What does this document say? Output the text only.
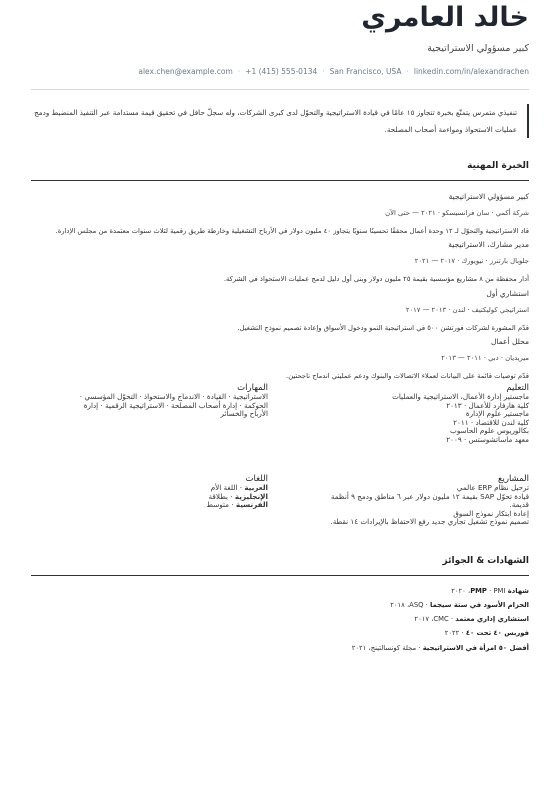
خالد العامري
كبير مسؤولي الاستراتيجية
alex.chen@example.com · +1 (415) 555-0134 · San Francisco, USA · linkedin.com/in/alexandrachen
تنفيذي متمرس يتمتّع بخبرة تتجاوز ١٥ عامًا في قيادة الاستراتيجية والتحوّل لدى كبرى الشركات، وله سجلّ حافل في تحقيق قيمة مستدامة عبر التنفيذ المنضبط ودمج عمليات الاستحواذ ومواءمة أصحاب المصلحة.
الخبرة المهنية
كبير مسؤولي الاستراتيجية
شركة أكمي · سان فرانسيسكو · ٢٠٢١ — حتى الآن
قاد الاستراتيجية والتحوّل لـ ١٢ وحدة أعمال محققًا تحسينًا سنويًا يتجاوز ٤٠ مليون دولار في الأرباح التشغيلية وخارطة طريق رقمية لثلاث سنوات معتمدة من مجلس الإدارة.
مدير مشارك، الاستراتيجية
جلوبال بارتنرز · نيويورك · ٢٠١٧ — ٢٠٢١
أدار محفظة من ٨ مشاريع مؤسسية بقيمة ٢٥ مليون دولار وبنى أول دليل لدمج عمليات الاستحواذ في الشركة.
استشاري أول
استراتيجي كوليكتيف · لندن · ٢٠١٣ — ٢٠١٧
قدّم المشورة لشركات فورتشن ٥٠٠ في استراتيجية النمو ودخول الأسواق وإعادة تصميم نموذج التشغيل.
محلل أعمال
ميريديان · دبي · ٢٠١١ — ٢٠١٣
قدّم توصيات قائمة على البيانات لعملاء الاتصالات والبنوك ودعم عمليتي اندماج ناجحتين.
التعليم
ماجستير إدارة الأعمال، الاستراتيجية والعمليات
كلية هارفارد للأعمال · ٢٠١٣
ماجستير علوم الإدارة
كلية لندن للاقتصاد · ٢٠١١
بكالوريوس علوم الحاسوب
معهد ماساتشوستس · ٢٠٠٩
المهارات
الاستراتيجية · القيادة · الاندماج والاستحواذ · التحوّل المؤسسي ·
الحوكمة · إدارة أصحاب المصلحة · الاستراتيجية الرقمية · إدارة
الأرباح والخسائر
المشاريع
ترحيل نظام ERP عالمي
قيادة تحوّل SAP بقيمة ١٢ مليون دولار عبر ٦ مناطق ودمج ٩ أنظمة
قديمة.
إعادة ابتكار نموذج السوق
تصميم نموذج تشغيل تجاري جديد رفع الاحتفاظ بالإيرادات ١٤ نقطة.
اللغات
العربية · اللغة الأم
الإنجليزية · بطلاقة
الفرنسية · متوسط
الشهادات & الجوائز
شهادة PMP · PMI، ٢٠٢٠
الحزام الأسود في ستة سيجما · ASQ، ٢٠١٨
استشاري إداري معتمد · CMC، ٢٠١٧
فوربس ٤٠ تحت ٤٠ · ٢٠٢٢
أفضل ٥٠ امرأة في الاستراتيجية · مجلة كونسالتينج، ٢٠٢١
